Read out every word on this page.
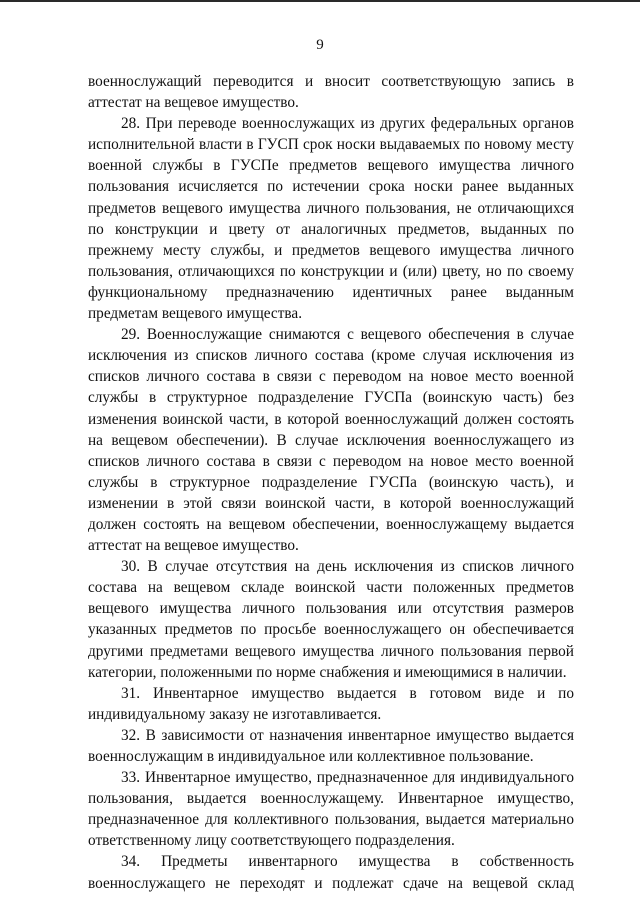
9

военнослужащий переводится и вносит соответствующую запись в аттестат на вещевое имущество.

28. При переводе военнослужащих из других федеральных органов исполнительной власти в ГУСП срок носки выдаваемых по новому месту военной службы в ГУСПе предметов вещевого имущества личного пользования исчисляется по истечении срока носки ранее выданных предметов вещевого имущества личного пользования, не отличающихся по конструкции и цвету от аналогичных предметов, выданных по прежнему месту службы, и предметов вещевого имущества личного пользования, отличающихся по конструкции и (или) цвету, но по своему функциональному предназначению идентичных ранее выданным предметам вещевого имущества.

29. Военнослужащие снимаются с вещевого обеспечения в случае исключения из списков личного состава (кроме случая исключения из списков личного состава в связи с переводом на новое место военной службы в структурное подразделение ГУСПа (воинскую часть) без изменения воинской части, в которой военнослужащий должен состоять на вещевом обеспечении). В случае исключения военнослужащего из списков личного состава в связи с переводом на новое место военной службы в структурное подразделение ГУСПа (воинскую часть), и изменении в этой связи воинской части, в которой военнослужащий должен состоять на вещевом обеспечении, военнослужащему выдается аттестат на вещевое имущество.

30. В случае отсутствия на день исключения из списков личного состава на вещевом складе воинской части положенных предметов вещевого имущества личного пользования или отсутствия размеров указанных предметов по просьбе военнослужащего он обеспечивается другими предметами вещевого имущества личного пользования первой категории, положенными по норме снабжения и имеющимися в наличии.

31. Инвентарное имущество выдается в готовом виде и по индивидуальному заказу не изготавливается.

32. В зависимости от назначения инвентарное имущество выдается военнослужащим в индивидуальное или коллективное пользование.

33. Инвентарное имущество, предназначенное для индивидуального пользования, выдается военнослужащему. Инвентарное имущество, предназначенное для коллективного пользования, выдается материально ответственному лицу соответствующего подразделения.

34. Предметы инвентарного имущества в собственность военнослужащего не переходят и подлежат сдаче на вещевой склад
